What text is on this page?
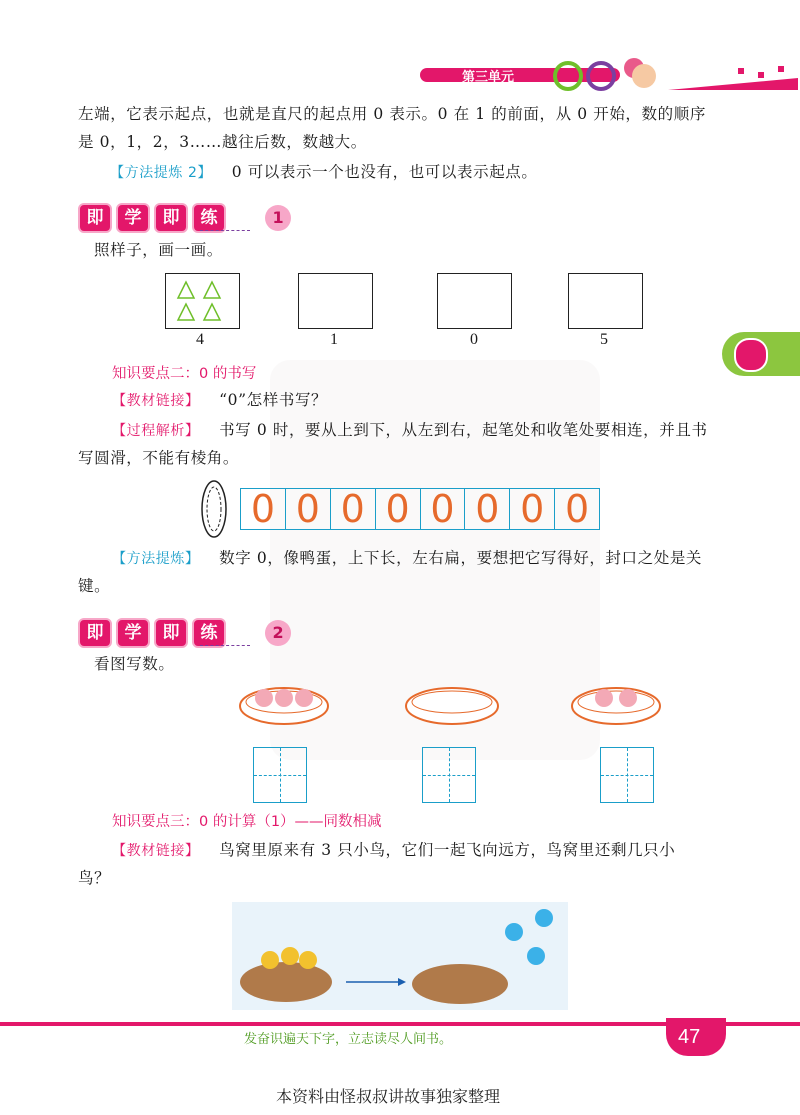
第三单元
左端，它表示起点，也就是直尺的起点用 0 表示。0 在 1 的前面，从 0 开始，数的顺序
是 0，1，2，3……越往后数，数越大。
【方法提炼 2】 0 可以表示一个也没有，也可以表示起点。
即 学 即 练	1
照样子，画一画。
4	1	0	5
知识要点二：0 的书写
【教材链接】 “0”怎样书写？
【过程解析】 书写 0 时，要从上到下，从左到右，起笔处和收笔处要相连，并且书
写圆滑，不能有棱角。
0 0 0 0 0 0 0 0
【方法提炼】 数字 0，像鸭蛋，上下长，左右扁，要想把它写得好，封口之处是关
键。
即 学 即 练	2
看图写数。
知识要点三：0 的计算（1）——同数相减
【教材链接】 鸟窝里原来有 3 只小鸟，它们一起飞向远方，鸟窝里还剩几只小
鸟？
发奋识遍天下字，立志读尽人间书。	47
本资料由怪叔叔讲故事独家整理
